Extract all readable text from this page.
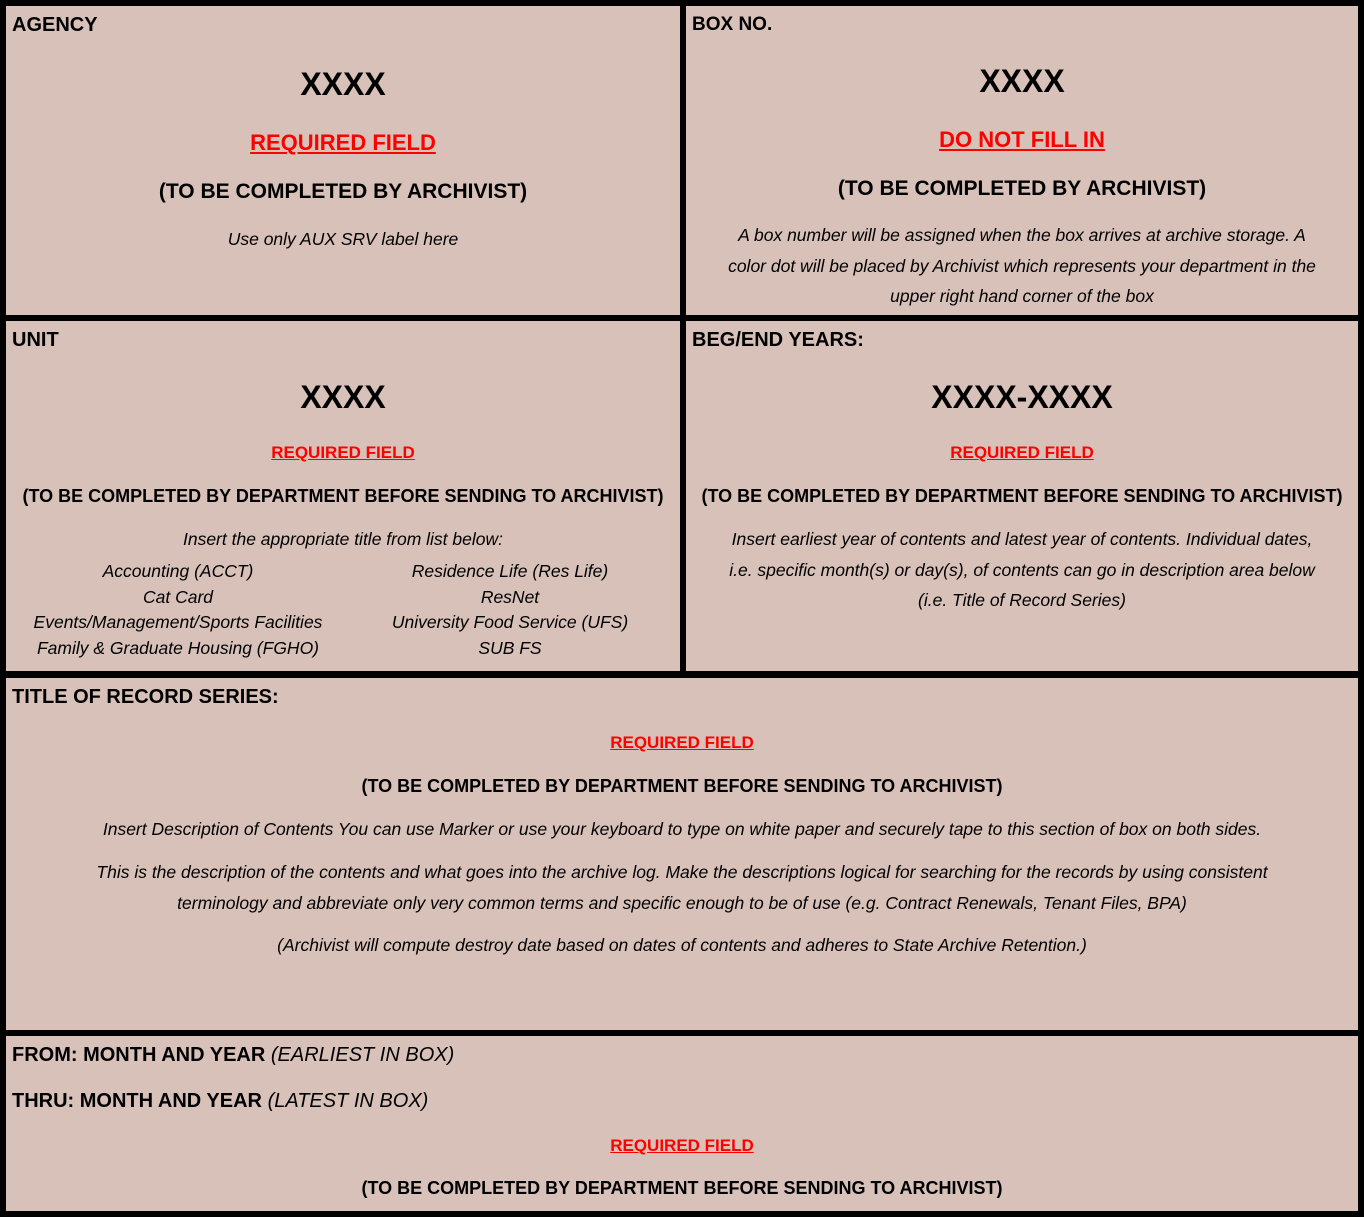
AGENCY
XXXX
REQUIRED FIELD
(TO BE COMPLETED BY ARCHIVIST)
Use only AUX SRV label here
BOX NO.
XXXX
DO NOT FILL IN
(TO BE COMPLETED BY ARCHIVIST)
A box number will be assigned when the box arrives at archive storage. A
color dot will be placed by Archivist which represents your department in the
upper right hand corner of the box
UNIT
XXXX
REQUIRED FIELD
(TO BE COMPLETED BY DEPARTMENT BEFORE SENDING TO ARCHIVIST)
Insert the appropriate title from list below:
Accounting (ACCT)
Cat Card
Events/Management/Sports Facilities
Family & Graduate Housing (FGHO)
Residence Life (Res Life)
ResNet
University Food Service (UFS)
SUB FS
BEG/END YEARS:
XXXX-XXXX
REQUIRED FIELD
(TO BE COMPLETED BY DEPARTMENT BEFORE SENDING TO ARCHIVIST)
Insert earliest year of contents and latest year of contents. Individual dates,
i.e. specific month(s) or day(s), of contents can go in description area below
(i.e. Title of Record Series)
TITLE OF RECORD SERIES:
REQUIRED FIELD
(TO BE COMPLETED BY DEPARTMENT BEFORE SENDING TO ARCHIVIST)
Insert Description of Contents You can use Marker or use your keyboard to type on white paper and securely tape to this section of box on both sides.
This is the description of the contents and what goes into the archive log. Make the descriptions logical for searching for the records by using consistent
terminology and abbreviate only very common terms and specific enough to be of use (e.g. Contract Renewals, Tenant Files, BPA)
(Archivist will compute destroy date based on dates of contents and adheres to State Archive Retention.)
FROM: MONTH AND YEAR (EARLIEST IN BOX)
THRU: MONTH AND YEAR (LATEST IN BOX)
REQUIRED FIELD
(TO BE COMPLETED BY DEPARTMENT BEFORE SENDING TO ARCHIVIST)
